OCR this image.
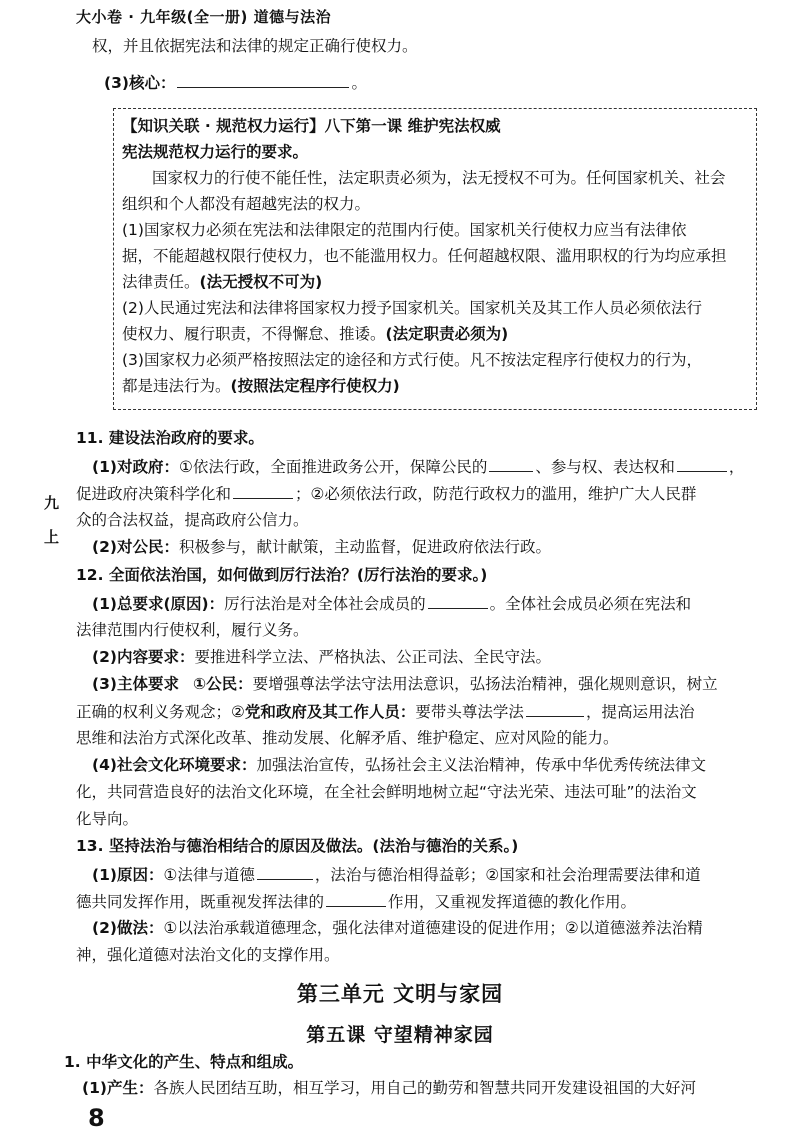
大小卷 · 九年级(全一册) 道德与法治
权，并且依据宪法和法律的规定正确行使权力。
(3)核心：	。
【知识关联 · 规范权力运行】八下第一课 维护宪法权威
宪法规范权力运行的要求。
国家权力的行使不能任性，法定职责必须为，法无授权不可为。任何国家机关、社会
组织和个人都没有超越宪法的权力。
(1)国家权力必须在宪法和法律限定的范围内行使。国家机关行使权力应当有法律依
据，不能超越权限行使权力，也不能滥用权力。任何超越权限、滥用职权的行为均应承担
法律责任。(法无授权不可为)
(2)人民通过宪法和法律将国家权力授予国家机关。国家机关及其工作人员必须依法行
使权力、履行职责，不得懈怠、推诿。(法定职责必须为)
(3)国家权力必须严格按照法定的途径和方式行使。凡不按法定程序行使权力的行为，
都是违法行为。(按照法定程序行使权力)
九
上
11. 建设法治政府的要求。
(1)对政府：①依法行政，全面推进政务公开，保障公民的	、参与权、表达权和	，
促进政府决策科学化和	；②必须依法行政，防范行政权力的滥用，维护广大人民群
众的合法权益，提高政府公信力。
(2)对公民：积极参与，献计献策，主动监督，促进政府依法行政。
12. 全面依法治国，如何做到厉行法治？(厉行法治的要求。)
(1)总要求(原因)：厉行法治是对全体社会成员的	。全体社会成员必须在宪法和
法律范围内行使权利，履行义务。
(2)内容要求：要推进科学立法、严格执法、公正司法、全民守法。
(3)主体要求 ①公民：要增强尊法学法守法用法意识，弘扬法治精神，强化规则意识，树立
正确的权利义务观念；②党和政府及其工作人员：要带头尊法学法	，提高运用法治
思维和法治方式深化改革、推动发展、化解矛盾、维护稳定、应对风险的能力。
(4)社会文化环境要求：加强法治宣传，弘扬社会主义法治精神，传承中华优秀传统法律文
化，共同营造良好的法治文化环境，在全社会鲜明地树立起“守法光荣、违法可耻”的法治文
化导向。
13. 坚持法治与德治相结合的原因及做法。(法治与德治的关系。)
(1)原因：①法律与道德	，法治与德治相得益彰；②国家和社会治理需要法律和道
德共同发挥作用，既重视发挥法律的	作用，又重视发挥道德的教化作用。
(2)做法：①以法治承载道德理念，强化法律对道德建设的促进作用；②以道德滋养法治精
神，强化道德对法治文化的支撑作用。
第三单元 文明与家园
第五课 守望精神家园
1. 中华文化的产生、特点和组成。
(1)产生：各族人民团结互助，相互学习，用自己的勤劳和智慧共同开发建设祖国的大好河
8
